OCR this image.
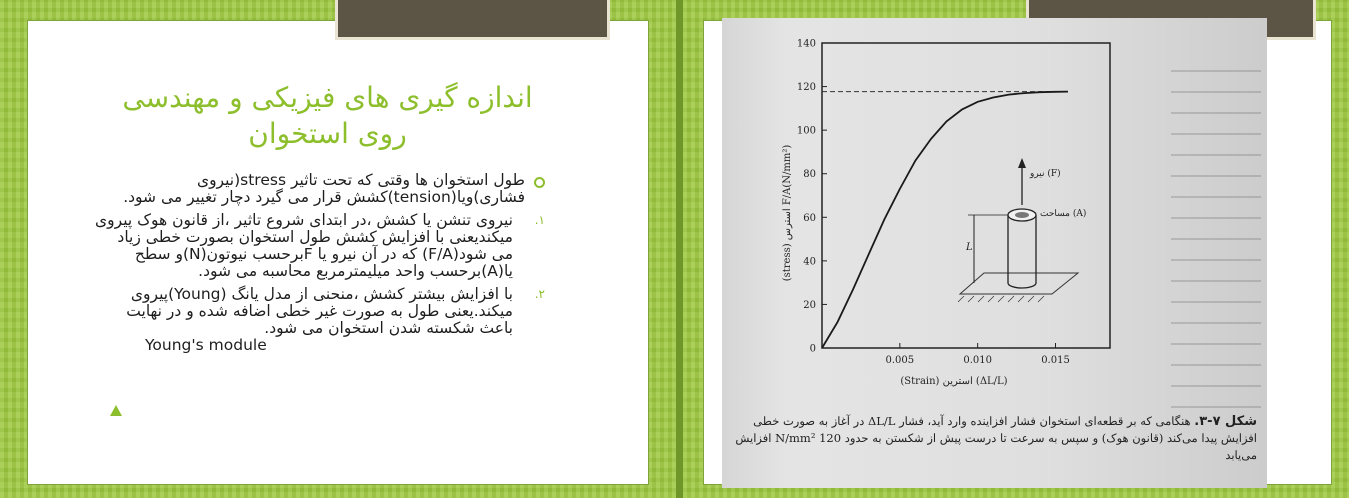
اندازه گیری های فیزیکی و مهندسی روی استخوان

طول استخوان ها وقتی که تحت تاثیر stress(نیروی فشاری)ویا(tension)کشش قرار می گیرد دچار تغییر می شود.

۱.
نیروی تنشن یا کشش ،در ابتدای شروع تاثیر ،از قانون هوک پیروی میکندیعنی با افزایش کشش طول استخوان بصورت خطی زیاد می شود(F/A) که در آن نیرو یا Fبرحسب نیوتون(N)و سطح یا(A)برحسب واحد میلیمترمربع محاسبه می شود.

۲.
با افزایش بیشتر کشش ،منحنی از مدل یانگ (Young)پیروی میکند.یعنی طول به صورت غیر خطی اضافه شده و در نهایت باعث شکسته شدن استخوان می شود.
Young's module

(stress) استرس F/A(N/mm²)
(Strain) استرین (ΔL/L)
0
20
40
60
80
100
120
140
0.005	0.010	0.015
نیرو (F)
مساحت (A)
L
شکل ۷-۳. هنگامی که بر قطعه‌ای استخوان فشار افزاینده وارد آید، فشار ΔL/L در آغاز به صورت خطی افزایش پیدا می‌کند (قانون هوک) و سپس به سرعت تا درست پیش از شکستن به حدود 120 N/mm² افزایش می‌یابد
